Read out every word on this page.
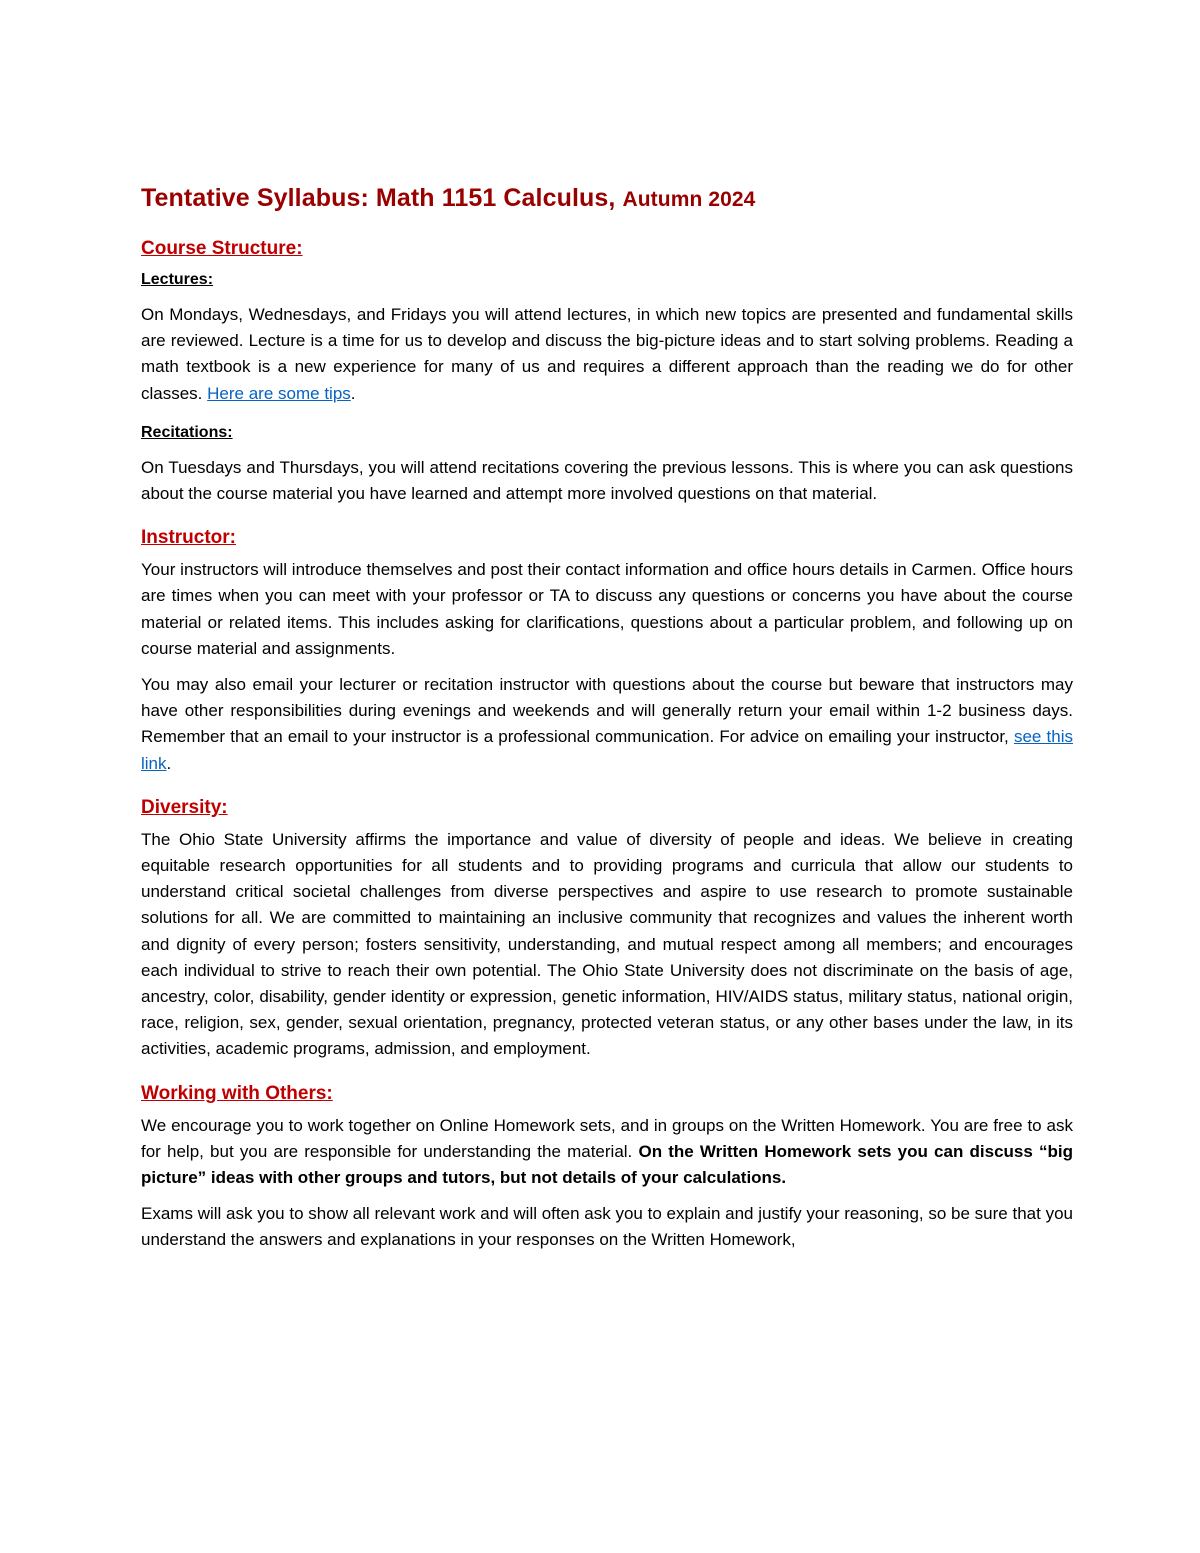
Tentative Syllabus: Math 1151 Calculus, Autumn 2024
Course Structure:
Lectures:

On Mondays, Wednesdays, and Fridays you will attend lectures, in which new topics are presented and fundamental skills are reviewed. Lecture is a time for us to develop and discuss the big-picture ideas and to start solving problems. Reading a math textbook is a new experience for many of us and requires a different approach than the reading we do for other classes. Here are some tips.

Recitations:

On Tuesdays and Thursdays, you will attend recitations covering the previous lessons. This is where you can ask questions about the course material you have learned and attempt more involved questions on that material.

Instructor:

Your instructors will introduce themselves and post their contact information and office hours details in Carmen. Office hours are times when you can meet with your professor or TA to discuss any questions or concerns you have about the course material or related items. This includes asking for clarifications, questions about a particular problem, and following up on course material and assignments.

You may also email your lecturer or recitation instructor with questions about the course but beware that instructors may have other responsibilities during evenings and weekends and will generally return your email within 1-2 business days. Remember that an email to your instructor is a professional communication. For advice on emailing your instructor, see this link.

Diversity:

The Ohio State University affirms the importance and value of diversity of people and ideas. We believe in creating equitable research opportunities for all students and to providing programs and curricula that allow our students to understand critical societal challenges from diverse perspectives and aspire to use research to promote sustainable solutions for all. We are committed to maintaining an inclusive community that recognizes and values the inherent worth and dignity of every person; fosters sensitivity, understanding, and mutual respect among all members; and encourages each individual to strive to reach their own potential. The Ohio State University does not discriminate on the basis of age, ancestry, color, disability, gender identity or expression, genetic information, HIV/AIDS status, military status, national origin, race, religion, sex, gender, sexual orientation, pregnancy, protected veteran status, or any other bases under the law, in its activities, academic programs, admission, and employment.

Working with Others:

We encourage you to work together on Online Homework sets, and in groups on the Written Homework. You are free to ask for help, but you are responsible for understanding the material. On the Written Homework sets you can discuss “big picture” ideas with other groups and tutors, but not details of your calculations.

Exams will ask you to show all relevant work and will often ask you to explain and justify your reasoning, so be sure that you understand the answers and explanations in your responses on the Written Homework,
